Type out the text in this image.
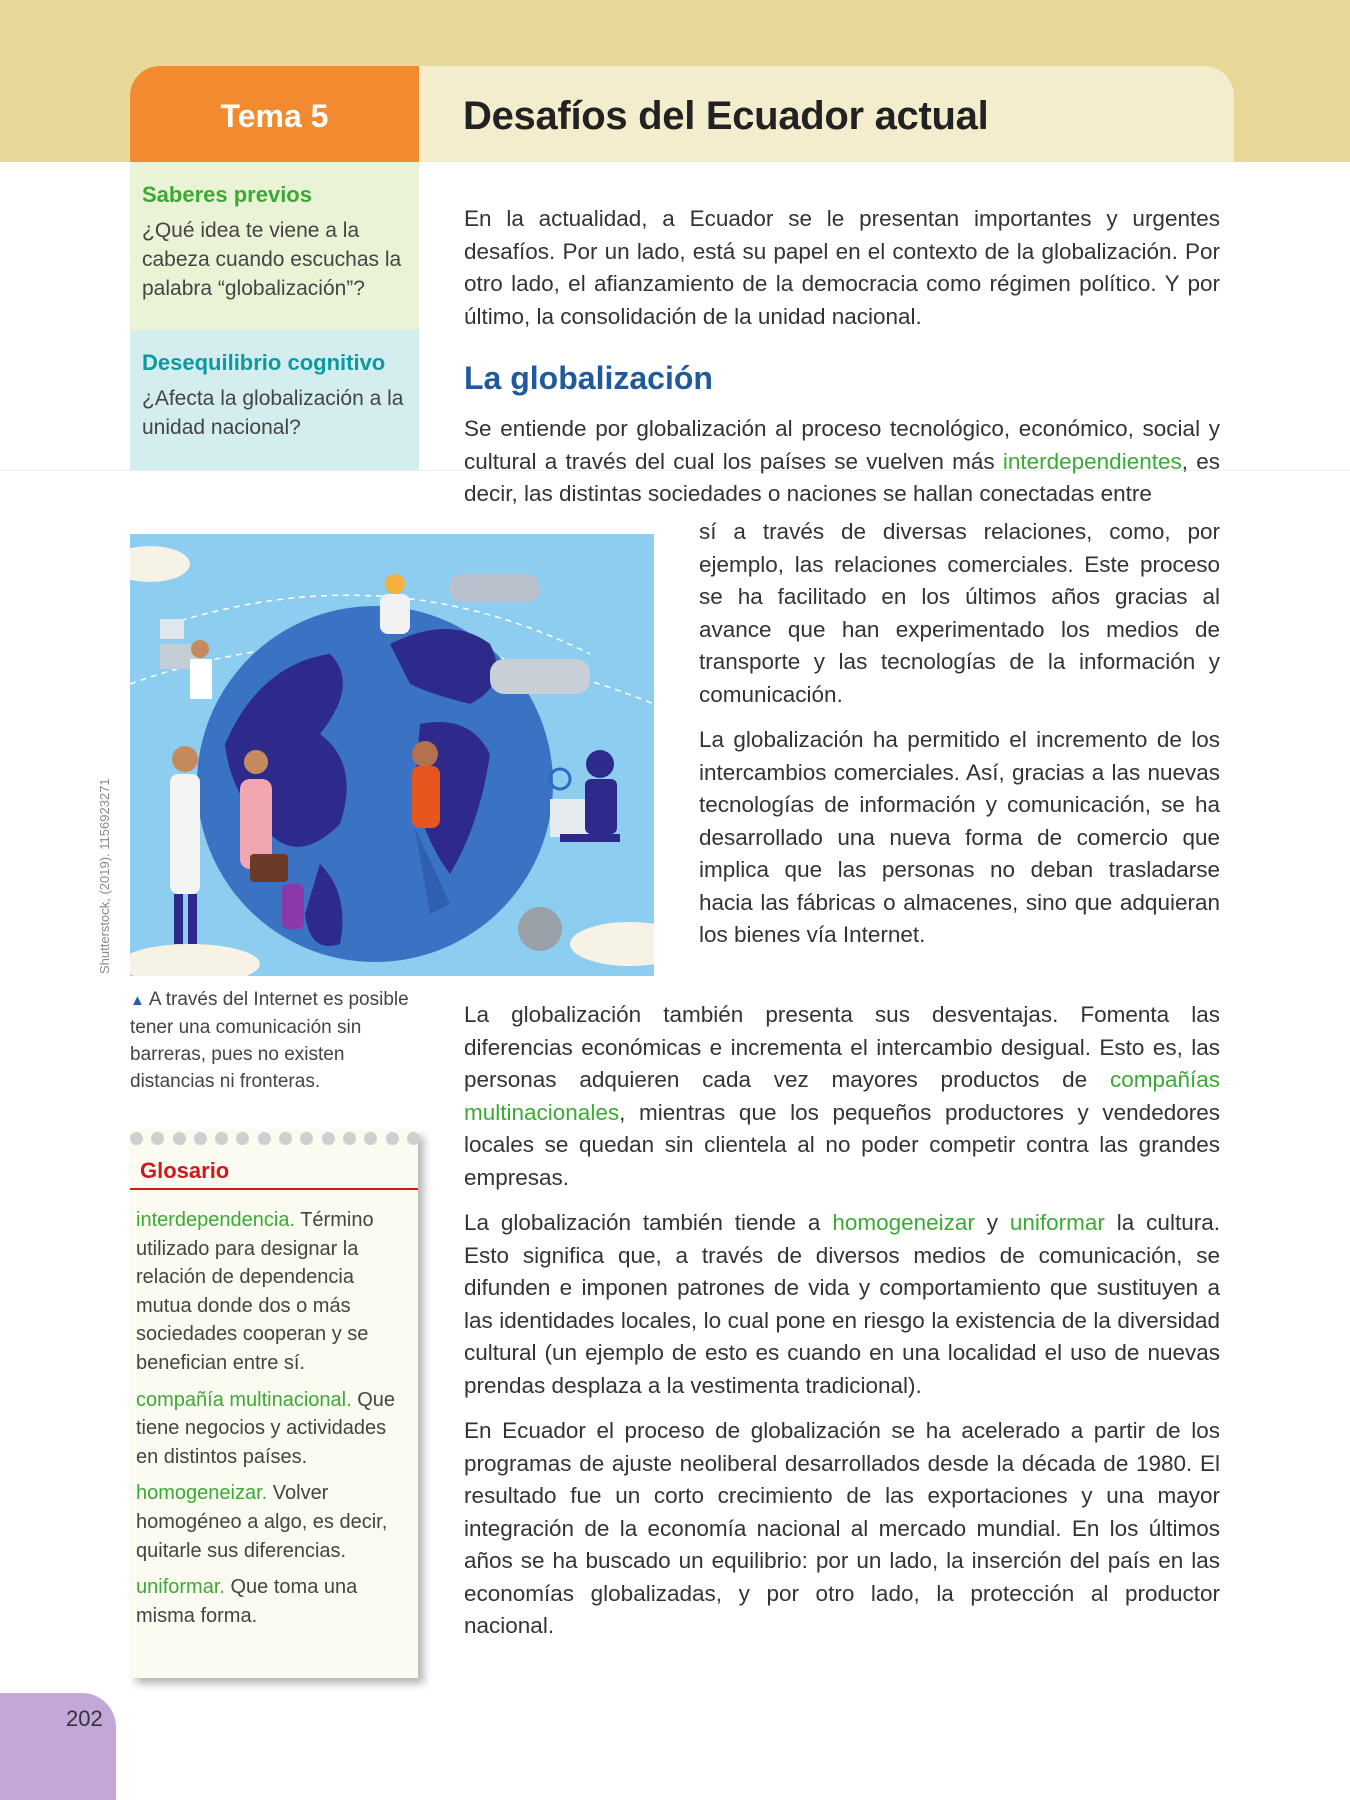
Tema 5	Desafíos del Ecuador actual
Saberes previos
¿Qué idea te viene a la cabeza cuando escuchas la palabra “globalización”?
Desequilibrio cognitivo
¿Afecta la globalización a la unidad nacional?

En la actualidad, a Ecuador se le presentan importantes y urgentes desafíos. Por un lado, está su papel en el contexto de la globalización. Por otro lado, el afianzamiento de la democracia como régimen político. Y por último, la consolidación de la unidad nacional.

La globalización

Se entiende por globalización al proceso tecnológico, económico, social y cultural a través del cual los países se vuelven más interdependientes, es decir, las distintas sociedades o naciones se hallan conectadas entre

sí a través de diversas relaciones, como, por ejemplo, las relaciones comerciales. Este proceso se ha facilitado en los últimos años gracias al avance que han experimentado los medios de transporte y las tecnologías de la información y comunicación.

La globalización ha permitido el incremento de los intercambios comerciales. Así, gracias a las nuevas tecnologías de información y comunicación, se ha desarrollado una nueva forma de comercio que implica que las personas no deban trasladarse hacia las fábricas o almacenes, sino que adquieran los bienes vía Internet.

Shutterstock, (2019). 1156923271
▲ A través del Internet es posible tener una comunicación sin barreras, pues no existen distancias ni fronteras.

La globalización también presenta sus desventajas. Fomenta las diferencias económicas e incrementa el intercambio desigual. Esto es, las personas adquieren cada vez mayores productos de compañías multinacionales, mientras que los pequeños productores y vendedores locales se quedan sin clientela al no poder competir contra las grandes empresas.

La globalización también tiende a homogeneizar y uniformar la cultura. Esto significa que, a través de diversos medios de comunicación, se difunden e imponen patrones de vida y comportamiento que sustituyen a las identidades locales, lo cual pone en riesgo la existencia de la diversidad cultural (un ejemplo de esto es cuando en una localidad el uso de nuevas prendas desplaza a la vestimenta tradicional).

En Ecuador el proceso de globalización se ha acelerado a partir de los programas de ajuste neoliberal desarrollados desde la década de 1980. El resultado fue un corto crecimiento de las exportaciones y una mayor integración de la economía nacional al mercado mundial. En los últimos años se ha buscado un equilibrio: por un lado, la inserción del país en las economías globalizadas, y por otro lado, la protección al productor nacional.

Glosario
interdependencia. Término utilizado para designar la relación de dependencia mutua donde dos o más sociedades cooperan y se benefician entre sí.
compañía multinacional. Que tiene negocios y actividades en distintos países.
homogeneizar. Volver homogéneo a algo, es decir, quitarle sus diferencias.
uniformar. Que toma una misma forma.
202
